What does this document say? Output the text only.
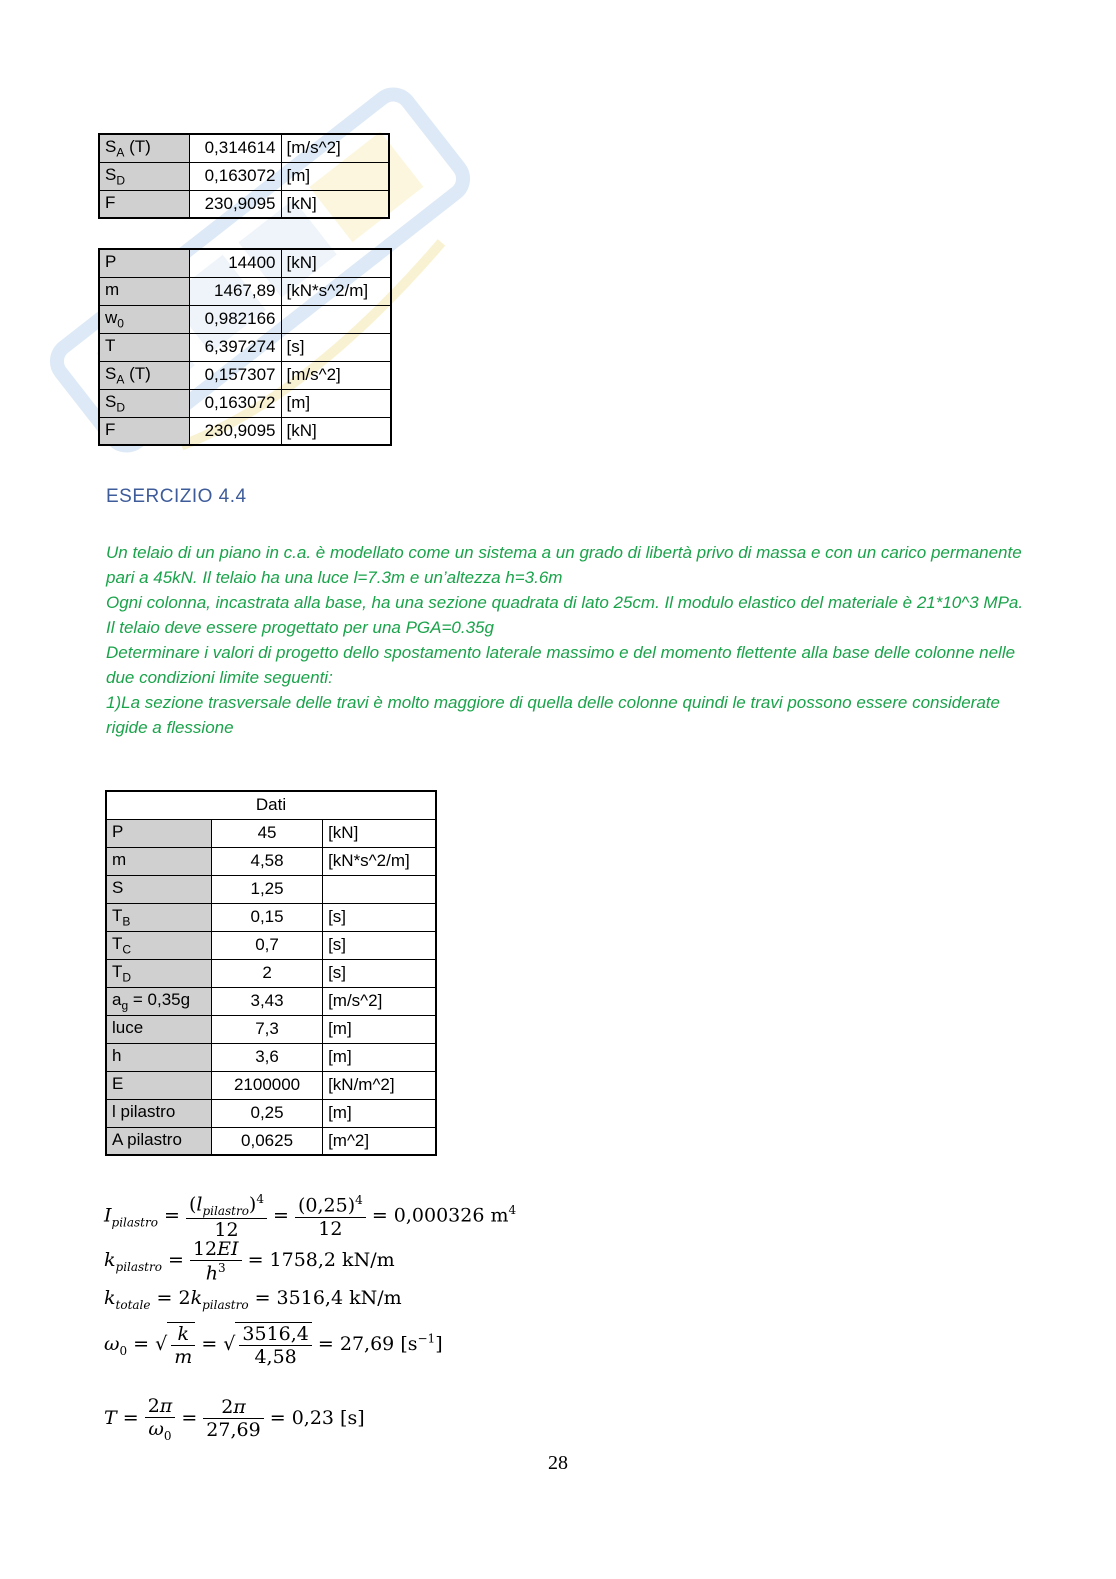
$S_A$ (T)	0,314614	[m/s^2]
$S_D$	0,163072	[m]
F	230,9095	[kN]
P	14400	[kN]
m	1467,89	[kN*s^2/m]
$w_0$	0,982166	
T	6,397274	[s]
$S_A$ (T)	0,157307	[m/s^2]
$S_D$	0,163072	[m]
F	230,9095	[kN]
ESERCIZIO 4.4

Un telaio di un piano in c.a. è modellato come un sistema a un grado di libertà privo di massa e con un carico permanente pari a 45kN. Il telaio ha una luce l=7.3m e un’altezza h=3.6m

Ogni colonna, incastrata alla base, ha una sezione quadrata di lato 25cm. Il modulo elastico del materiale è 21*10^3 MPa.

Il telaio deve essere progettato per una PGA=0.35g

Determinare i valori di progetto dello spostamento laterale massimo e del momento flettente alla base delle colonne nelle due condizioni limite seguenti:

1)La sezione trasversale delle travi è molto maggiore di quella delle colonne quindi le travi possono essere considerate rigide a flessione

Dati		
P	45	[kN]
m	4,58	[kN*s^2/m]
S	1,25	
$T_B$	0,15	[s]
$T_C$	0,7	[s]
$T_D$	2	[s]
$a_g = 0,35g$	3,43	[m/s^2]
luce	7,3	[m]
h	3,6	[m]
E	2100000	[kN/m^2]
l pilastro	0,25	[m]
A pilastro	0,0625	[m^2]
$I_{pilastro} = \frac{(l_{pilastro})^4}{12} = \frac{(0,25)^4}{12} = 0,000326$ $m^4$
$k_{pilastro} = \frac{12EI}{h^3} = 1758,2$ kN/m
$k_{totale} = 2k_{pilastro} = 3516,4$ kN/m
$\omega_0$ = √ $\frac{k}{m}$ = √ $\frac{3516,4}{4,58} = 27,69$ $[s^{-1}]$
$T = \frac{2\pi}{\omega_0} = \frac{2\pi}{27,69} = 0,23$ [s]
28
